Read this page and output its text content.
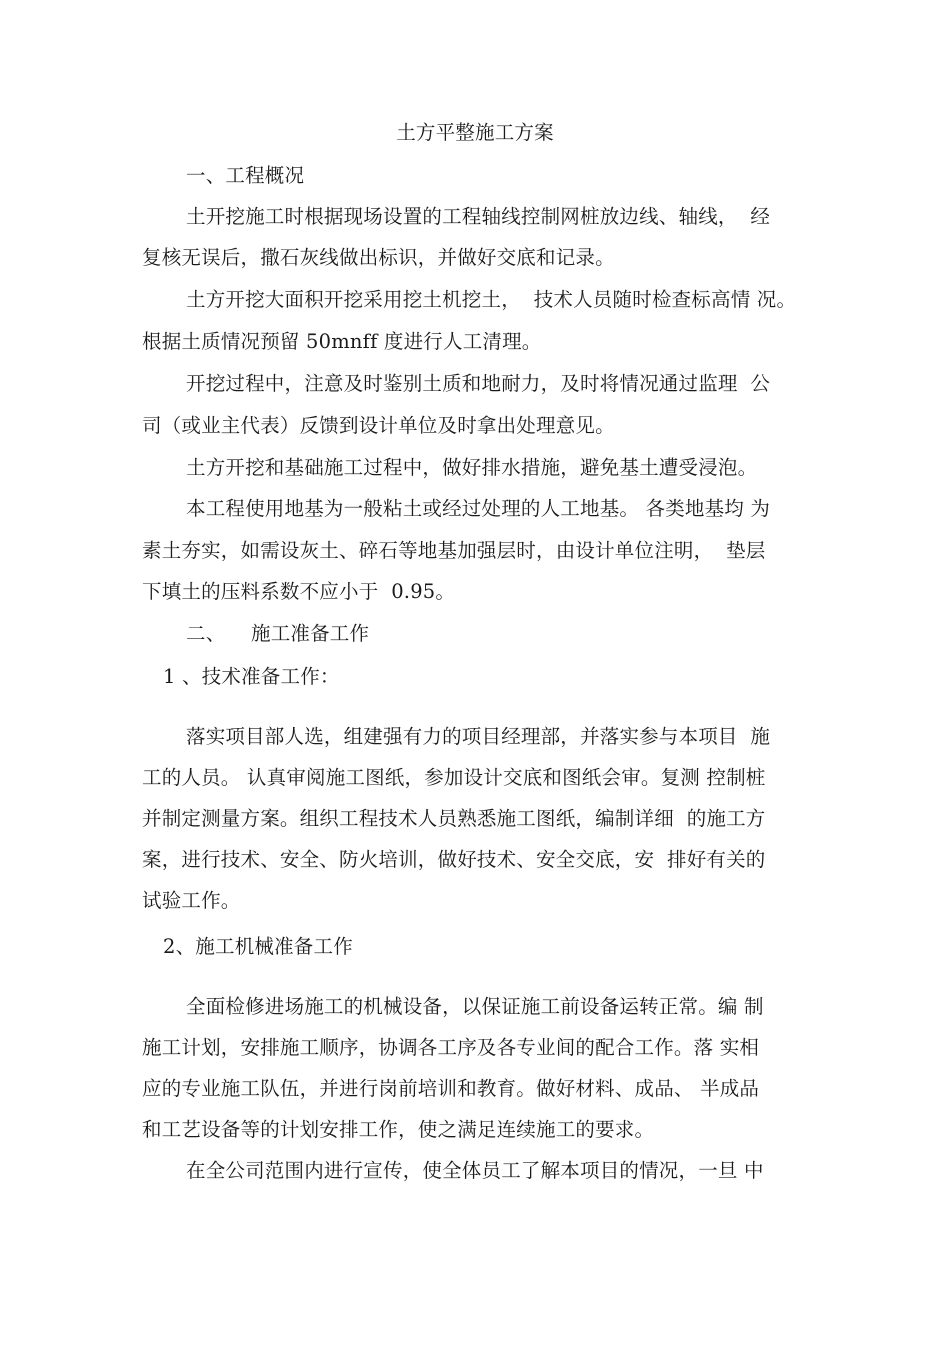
土方平整施工方案
一、工程概况
土开挖施工时根据现场设置的工程轴线控制网桩放边线、轴线，  经
复核无误后，撒石灰线做出标识，并做好交底和记录。
土方开挖大面积开挖采用挖土机挖土，  技术人员随时检查标高情 况。
根据土质情况预留 50mnff 度进行人工清理。
开挖过程中，注意及时鉴别土质和地耐力，及时将情况通过监理  公
司（或业主代表）反馈到设计单位及时拿出处理意见。
土方开挖和基础施工过程中，做好排水措施，避免基土遭受浸泡。
本工程使用地基为一般粘土或经过处理的人工地基。 各类地基均 为
素土夯实，如需设灰土、碎石等地基加强层时，由设计单位注明，  垫层
下填土的压料系数不应小于  0.95。
二、    施工准备工作
1 、技术准备工作：
落实项目部人选，组建强有力的项目经理部，并落实参与本项目  施
工的人员。 认真审阅施工图纸，参加设计交底和图纸会审。复测 控制桩
并制定测量方案。组织工程技术人员熟悉施工图纸，编制详细  的施工方
案，进行技术、安全、防火培训，做好技术、安全交底，安  排好有关的
试验工作。
2、施工机械准备工作
全面检修进场施工的机械设备，以保证施工前设备运转正常。编 制
施工计划，安排施工顺序，协调各工序及各专业间的配合工作。落 实相
应的专业施工队伍，并进行岗前培训和教育。做好材料、成品、 半成品
和工艺设备等的计划安排工作，使之满足连续施工的要求。
在全公司范围内进行宣传，使全体员工了解本项目的情况，一旦 中
